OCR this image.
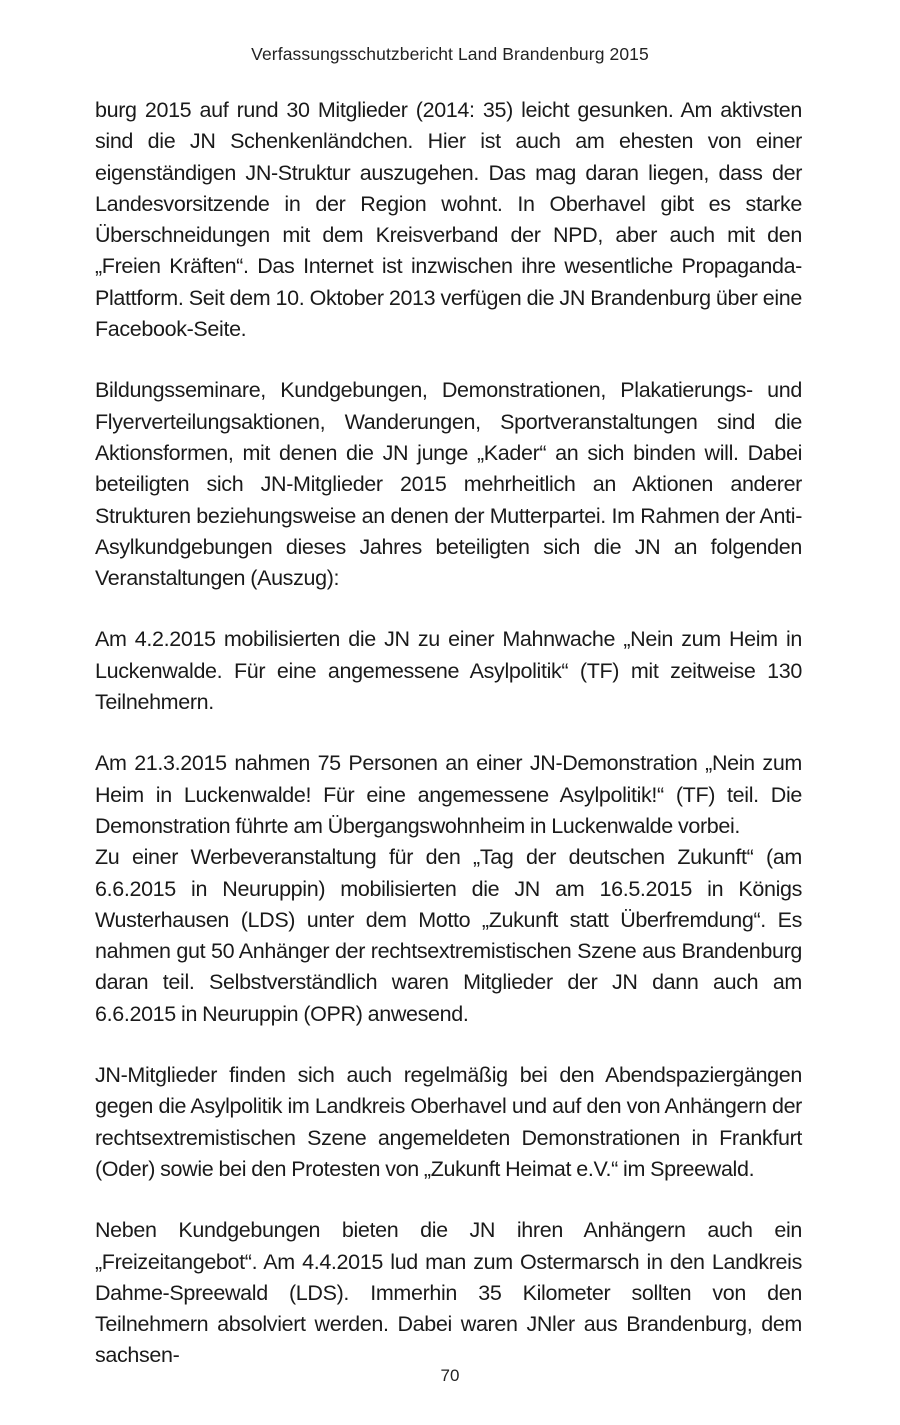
Verfassungsschutzbericht Land Brandenburg 2015

burg 2015 auf rund 30 Mitglieder (2014: 35) leicht gesunken. Am aktivsten sind die JN Schenkenländchen. Hier ist auch am ehesten von einer eigenständigen JN-Struktur auszugehen. Das mag daran liegen, dass der Landesvorsitzende in der Region wohnt. In Oberhavel gibt es starke Überschneidungen mit dem Kreisverband der NPD, aber auch mit den „Freien Kräften“. Das Internet ist inzwischen ihre wesentliche Propaganda-Plattform. Seit dem 10. Oktober 2013 verfügen die JN Brandenburg über eine Facebook-Seite.

Bildungsseminare, Kundgebungen, Demonstrationen, Plakatierungs- und Flyerverteilungsaktionen, Wanderungen, Sportveranstaltungen sind die Aktionsformen, mit denen die JN junge „Kader“ an sich binden will. Dabei beteiligten sich JN-Mitglieder 2015 mehrheitlich an Aktionen anderer Strukturen beziehungsweise an denen der Mutterpartei. Im Rahmen der Anti-Asylkundgebungen dieses Jahres beteiligten sich die JN an folgenden Veranstaltungen (Auszug):

Am 4.2.2015 mobilisierten die JN zu einer Mahnwache „Nein zum Heim in Luckenwalde. Für eine angemessene Asylpolitik“ (TF) mit zeitweise 130 Teilnehmern.

Am 21.3.2015 nahmen 75 Personen an einer JN-Demonstration „Nein zum Heim in Luckenwalde! Für eine angemessene Asylpolitik!“ (TF) teil. Die Demonstration führte am Übergangswohnheim in Luckenwalde vorbei.

Zu einer Werbeveranstaltung für den „Tag der deutschen Zukunft“ (am 6.6.2015 in Neuruppin) mobilisierten die JN am 16.5.2015 in Königs Wusterhausen (LDS) unter dem Motto „Zukunft statt Überfremdung“. Es nahmen gut 50 Anhänger der rechtsextremistischen Szene aus Brandenburg daran teil. Selbstverständlich waren Mitglieder der JN dann auch am 6.6.2015 in Neuruppin (OPR) anwesend.

JN-Mitglieder finden sich auch regelmäßig bei den Abendspaziergängen gegen die Asylpolitik im Landkreis Oberhavel und auf den von Anhängern der rechtsextremistischen Szene angemeldeten Demonstrationen in Frankfurt (Oder) sowie bei den Protesten von „Zukunft Heimat e.V.“ im Spreewald.

Neben Kundgebungen bieten die JN ihren Anhängern auch ein „Freizeitangebot“. Am 4.4.2015 lud man zum Ostermarsch in den Landkreis Dahme-Spreewald (LDS). Immerhin 35 Kilometer sollten von den Teilnehmern absolviert werden. Dabei waren JNler aus Brandenburg, dem sachsen-

70
